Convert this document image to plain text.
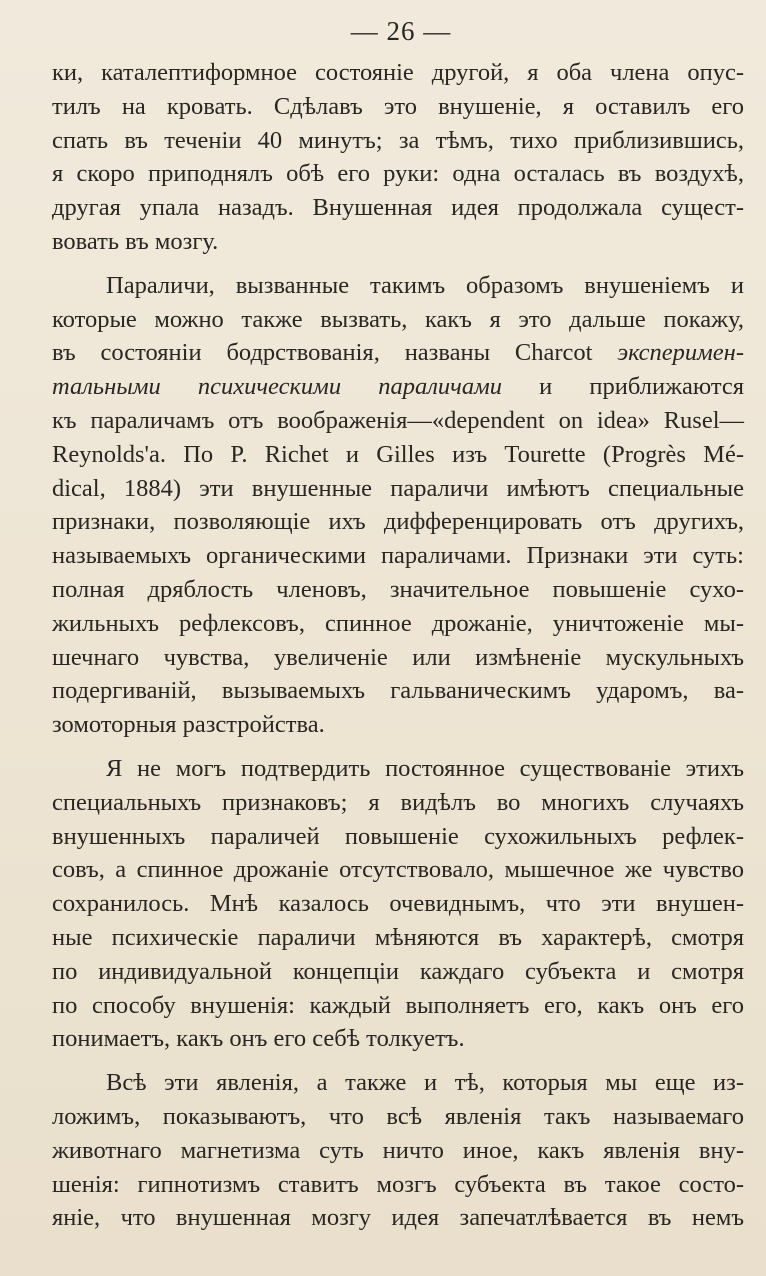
— 26 —
ки, каталептиформное состоянiе другой, я оба члена опус-
тилъ на кровать. Сдѣлавъ это внушенiе, я оставилъ его
спать въ теченiи 40 минутъ; за тѣмъ, тихо приблизившись,
я скоро приподнялъ обѣ его руки: одна осталась въ воздухѣ,
другая упала назадъ. Внушенная идея продолжала сущест-
вовать въ мозгу.
Параличи, вызванные такимъ образомъ внушенiемъ и
которые можно также вызвать, какъ я это дальше покажу,
въ состоянiи бодрствованiя, названы Charcot эксперимен-
тальными психическими параличами и приближаются
къ параличамъ отъ воображенiя—«dependent on idea» Rusel—
Reynolds'a. По P. Richet и Gilles изъ Tourette (Progrès Mé-
dical, 1884) эти внушенные параличи имѣютъ специальные
признаки, позволяющiе ихъ дифференцировать отъ другихъ,
называемыхъ органическими параличами. Признаки эти суть:
полная дряблость членовъ, значительное повышенiе сухо-
жильныхъ рефлексовъ, спинное дрожанiе, уничтоженiе мы-
шечнаго чувства, увеличенiе или измѣненiе мускульныхъ
подергиванiй, вызываемыхъ гальваническимъ ударомъ, ва-
зомоторныя разстройства.
Я не могъ подтвердить постоянное существованiе этихъ
специальныхъ признаковъ; я видѣлъ во многихъ случаяхъ
внушенныхъ параличей повышенiе сухожильныхъ рефлек-
совъ, а спинное дрожанiе отсутствовало, мышечное же чувство
сохранилось. Мнѣ казалось очевиднымъ, что эти внушен-
ные психическiе параличи мѣняются въ характерѣ, смотря
по индивидуальной концепцiи каждаго субъекта и смотря
по способу внушенiя: каждый выполняетъ его, какъ онъ его
понимаетъ, какъ онъ его себѣ толкуетъ.
Всѣ эти явленiя, а также и тѣ, которыя мы еще из-
ложимъ, показываютъ, что всѣ явленiя такъ называемаго
животнаго магнетизма суть ничто иное, какъ явленiя вну-
шенiя: гипнотизмъ ставитъ мозгъ субъекта въ такое состо-
янiе, что внушенная мозгу идея запечатлѣвается въ немъ
